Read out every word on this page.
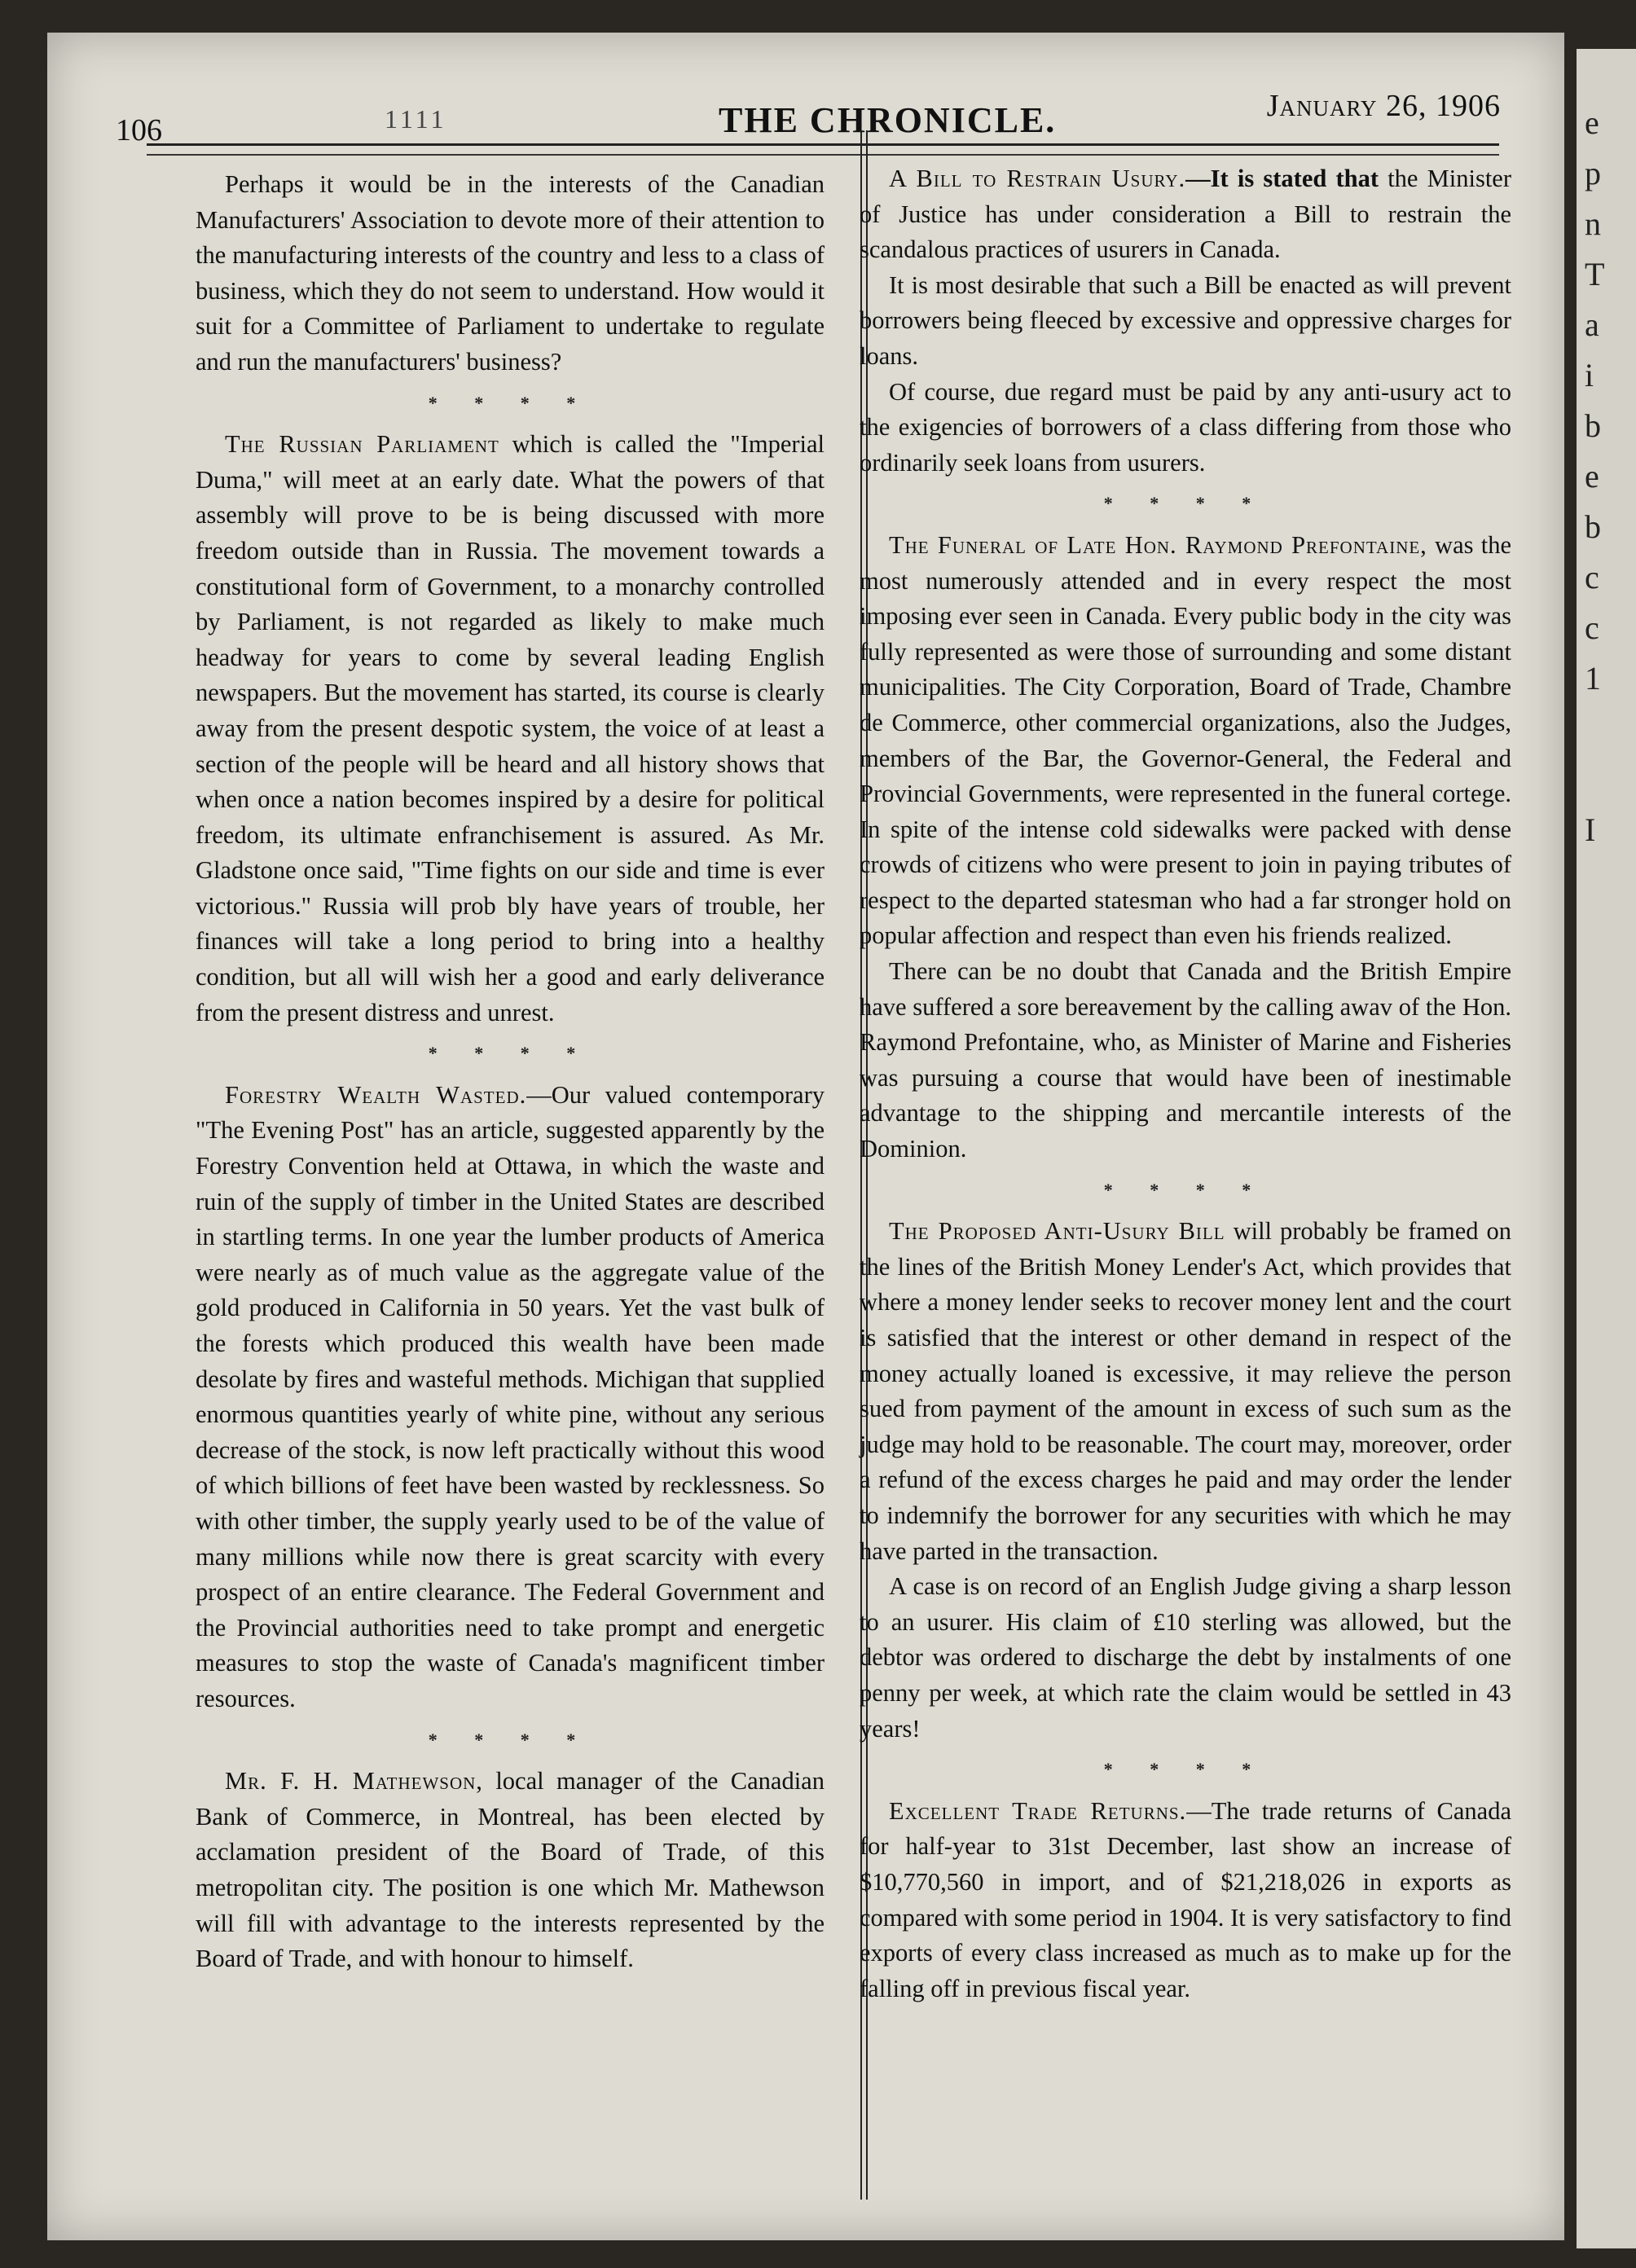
e
p
n
T
a
i
b
e
b
c
c
1

I
106	1111	THE CHRONICLE.	January 26, 1906

Perhaps it would be in the interests of the Canadian Manufacturers' Association to devote more of their attention to the manufacturing interests of the country and less to a class of business, which they do not seem to understand. How would it suit for a Committee of Parliament to undertake to regulate and run the manufacturers' business?

* * * *

The Russian Parliament which is called the "Imperial Duma," will meet at an early date. What the powers of that assembly will prove to be is being discussed with more freedom outside than in Russia. The movement towards a constitutional form of Government, to a monarchy controlled by Parliament, is not regarded as likely to make much headway for years to come by several leading English newspapers. But the movement has started, its course is clearly away from the present despotic system, the voice of at least a section of the people will be heard and all history shows that when once a nation becomes inspired by a desire for political freedom, its ultimate enfranchisement is assured. As Mr. Gladstone once said, "Time fights on our side and time is ever victorious." Russia will prob bly have years of trouble, her finances will take a long period to bring into a healthy condition, but all will wish her a good and early deliverance from the present distress and unrest.

* * * *

Forestry Wealth Wasted.—Our valued contemporary "The Evening Post" has an article, suggested apparently by the Forestry Convention held at Ottawa, in which the waste and ruin of the supply of timber in the United States are described in startling terms. In one year the lumber products of America were nearly as of much value as the aggregate value of the gold produced in California in 50 years. Yet the vast bulk of the forests which produced this wealth have been made desolate by fires and wasteful methods. Michigan that supplied enormous quantities yearly of white pine, without any serious decrease of the stock, is now left practically without this wood of which billions of feet have been wasted by recklessness. So with other timber, the supply yearly used to be of the value of many millions while now there is great scarcity with every prospect of an entire clearance. The Federal Government and the Provincial authorities need to take prompt and energetic measures to stop the waste of Canada's magnificent timber resources.

* * * *

Mr. F. H. Mathewson, local manager of the Canadian Bank of Commerce, in Montreal, has been elected by acclamation president of the Board of Trade, of this metropolitan city. The position is one which Mr. Mathewson will fill with advantage to the interests represented by the Board of Trade, and with honour to himself.

A Bill to Restrain Usury.—It is stated that the Minister of Justice has under consideration a Bill to restrain the scandalous practices of usurers in Canada.

It is most desirable that such a Bill be enacted as will prevent borrowers being fleeced by excessive and oppressive charges for loans.

Of course, due regard must be paid by any anti-usury act to the exigencies of borrowers of a class differing from those who ordinarily seek loans from usurers.

* * * *

The Funeral of Late Hon. Raymond Prefontaine, was the most numerously attended and in every respect the most imposing ever seen in Canada. Every public body in the city was fully represented as were those of surrounding and some distant municipalities. The City Corporation, Board of Trade, Chambre de Commerce, other commercial organizations, also the Judges, members of the Bar, the Governor-General, the Federal and Provincial Governments, were represented in the funeral cortege. In spite of the intense cold sidewalks were packed with dense crowds of citizens who were present to join in paying tributes of respect to the departed statesman who had a far stronger hold on popular affection and respect than even his friends realized.

There can be no doubt that Canada and the British Empire have suffered a sore bereavement by the calling awav of the Hon. Raymond Prefontaine, who, as Minister of Marine and Fisheries was pursuing a course that would have been of inestimable advantage to the shipping and mercantile interests of the Dominion.

* * * *

The Proposed Anti-Usury Bill will probably be framed on the lines of the British Money Lender's Act, which provides that where a money lender seeks to recover money lent and the court is satisfied that the interest or other demand in respect of the money actually loaned is excessive, it may relieve the person sued from payment of the amount in excess of such sum as the judge may hold to be reasonable. The court may, moreover, order a refund of the excess charges he paid and may order the lender to indemnify the borrower for any securities with which he may have parted in the transaction.

A case is on record of an English Judge giving a sharp lesson to an usurer. His claim of £10 sterling was allowed, but the debtor was ordered to discharge the debt by instalments of one penny per week, at which rate the claim would be settled in 43 years!

* * * *

Excellent Trade Returns.—The trade returns of Canada for half-year to 31st December, last show an increase of $10,770,560 in import, and of $21,218,026 in exports as compared with some period in 1904. It is very satisfactory to find exports of every class increased as much as to make up for the falling off in previous fiscal year.
